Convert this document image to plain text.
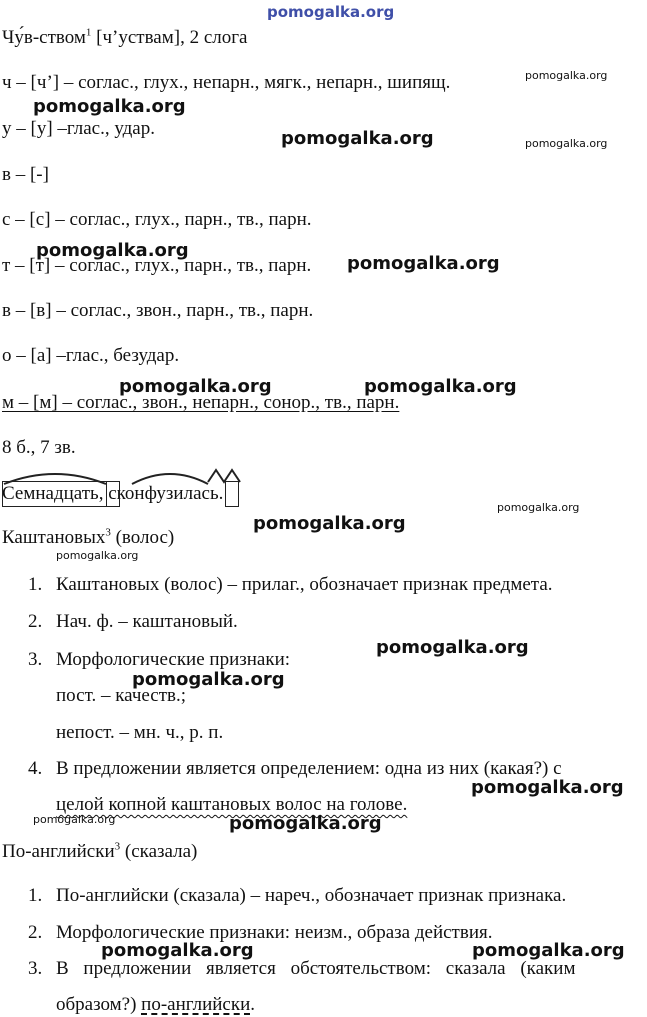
pomogalka.org

Чу́в-ством$^1$ [ч’уствам], 2 слога

ч – [ч’] – соглас., глух., непарн., мягк., непарн., шипящ.

у – [у] –глас., удар.

в – [-]

с – [с] – соглас., глух., парн., тв., парн.

т – [т] – соглас., глух., парн., тв., парн.

в – [в] – соглас., звон., парн., тв., парн.

о – [а] –глас., безудар.

м – [м] – соглас., звон., непарн., сонор., тв., парн.

8 б., 7 зв.

Семнадцать, сконфузилась.

Каштановых$^3$ (волос)

1. Каштановых (волос) – прилаг., обозначает признак предмета.

2. Нач. ф. – каштановый.

3. Морфологические признаки:

пост. – качеств.;

непост. – мн. ч., р. п.

4. В предложении является определением: одна из них (какая?) с

целой копной каштановых волос на голове.

По-английски$^3$ (сказала)

1. По-английски (сказала) – нареч., обозначает признак признака.

2. Морфологические признаки: неизм., образа действия.

3. В предложении является обстоятельством: сказала (каким

образом?) по-английски.

pomogalka.org
pomogalka.org
pomogalka.org	pomogalka.org
pomogalka.org
pomogalka.org
pomogalka.org	pomogalka.org
pomogalka.org
pomogalka.org
pomogalka.org
pomogalka.org
pomogalka.org
pomogalka.org
pomogalka.org	pomogalka.org
pomogalka.org	pomogalka.org
